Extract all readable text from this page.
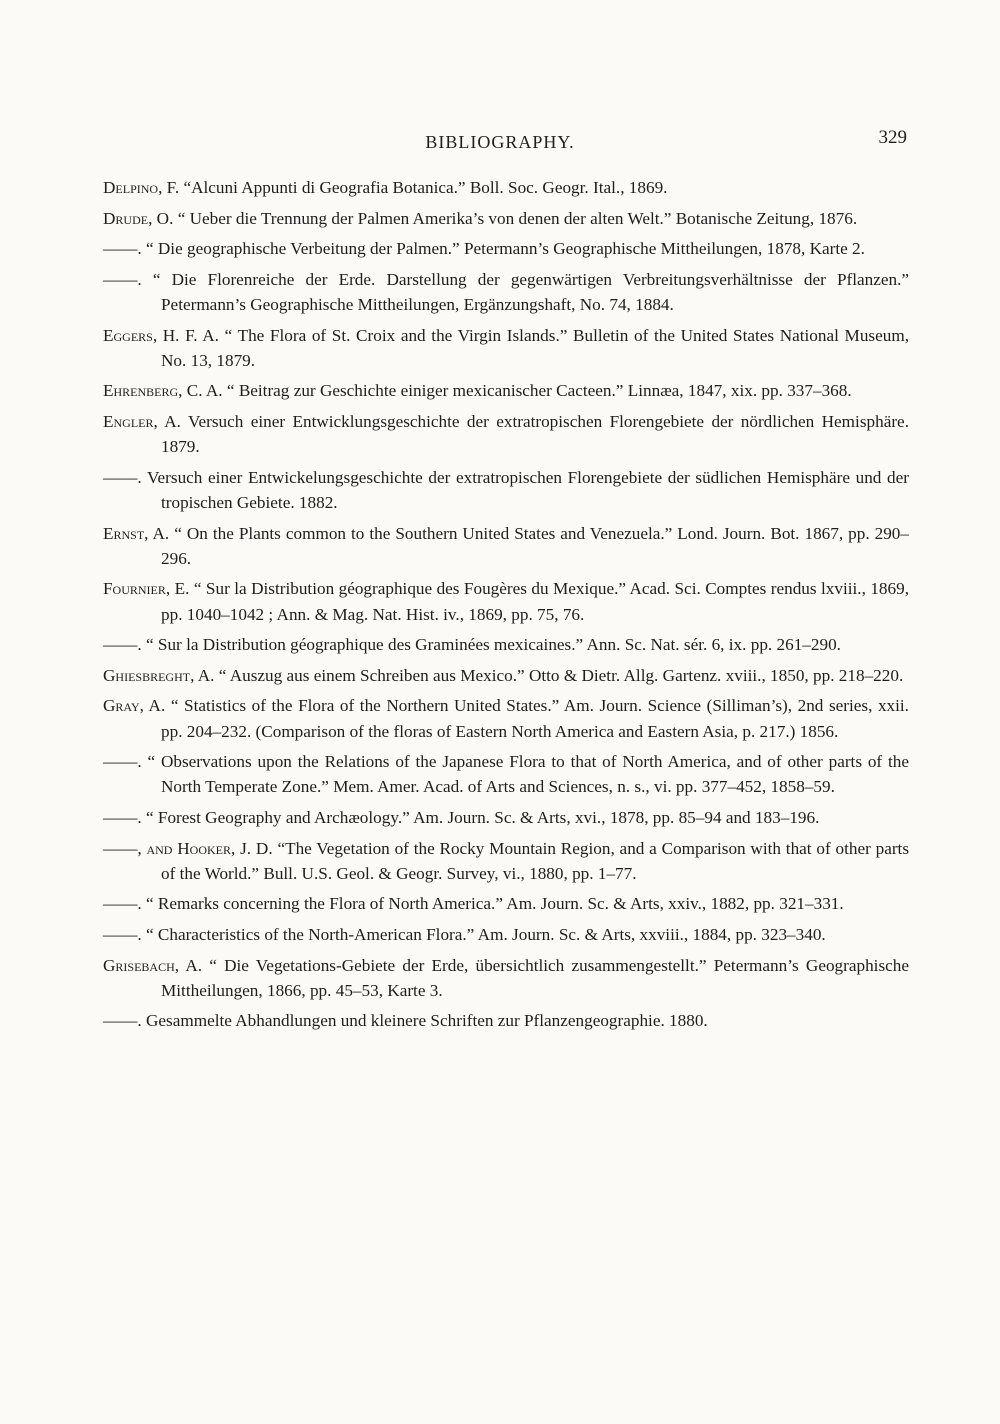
BIBLIOGRAPHY.	329
Delpino, F. “Alcuni Appunti di Geografia Botanica.” Boll. Soc. Geogr. Ital., 1869.
Drude, O. “ Ueber die Trennung der Palmen Amerika’s von denen der alten Welt.” Botanische Zeitung, 1876.
——. “ Die geographische Verbeitung der Palmen.” Petermann’s Geographische Mittheilungen, 1878, Karte 2.
——. “ Die Florenreiche der Erde. Darstellung der gegenwärtigen Verbreitungsverhältnisse der Pflanzen.” Petermann’s Geographische Mittheilungen, Ergänzungshaft, No. 74, 1884.
Eggers, H. F. A. “ The Flora of St. Croix and the Virgin Islands.” Bulletin of the United States National Museum, No. 13, 1879.
Ehrenberg, C. A. “ Beitrag zur Geschichte einiger mexicanischer Cacteen.” Linnæa, 1847, xix. pp. 337–368.
Engler, A. Versuch einer Entwicklungsgeschichte der extratropischen Florengebiete der nördlichen Hemisphäre. 1879.
——. Versuch einer Entwickelungsgeschichte der extratropischen Florengebiete der südlichen Hemisphäre und der tropischen Gebiete. 1882.
Ernst, A. “ On the Plants common to the Southern United States and Venezuela.” Lond. Journ. Bot. 1867, pp. 290–296.
Fournier, E. “ Sur la Distribution géographique des Fougères du Mexique.” Acad. Sci. Comptes rendus lxviii., 1869, pp. 1040–1042 ; Ann. & Mag. Nat. Hist. iv., 1869, pp. 75, 76.
——. “ Sur la Distribution géographique des Graminées mexicaines.” Ann. Sc. Nat. sér. 6, ix. pp. 261–290.
Ghiesbreght, A. “ Auszug aus einem Schreiben aus Mexico.” Otto & Dietr. Allg. Gartenz. xviii., 1850, pp. 218–220.
Gray, A. “ Statistics of the Flora of the Northern United States.” Am. Journ. Science (Silliman’s), 2nd series, xxii. pp. 204–232. (Comparison of the floras of Eastern North America and Eastern Asia, p. 217.) 1856.
——. “ Observations upon the Relations of the Japanese Flora to that of North America, and of other parts of the North Temperate Zone.” Mem. Amer. Acad. of Arts and Sciences, n. s., vi. pp. 377–452, 1858–59.
——. “ Forest Geography and Archæology.” Am. Journ. Sc. & Arts, xvi., 1878, pp. 85–94 and 183–196.
——, and Hooker, J. D. “The Vegetation of the Rocky Mountain Region, and a Comparison with that of other parts of the World.” Bull. U.S. Geol. & Geogr. Survey, vi., 1880, pp. 1–77.
——. “ Remarks concerning the Flora of North America.” Am. Journ. Sc. & Arts, xxiv., 1882, pp. 321–331.
——. “ Characteristics of the North-American Flora.” Am. Journ. Sc. & Arts, xxviii., 1884, pp. 323–340.
Grisebach, A. “ Die Vegetations-Gebiete der Erde, übersichtlich zusammengestellt.” Petermann’s Geographische Mittheilungen, 1866, pp. 45–53, Karte 3.
——. Gesammelte Abhandlungen und kleinere Schriften zur Pflanzengeographie. 1880.
